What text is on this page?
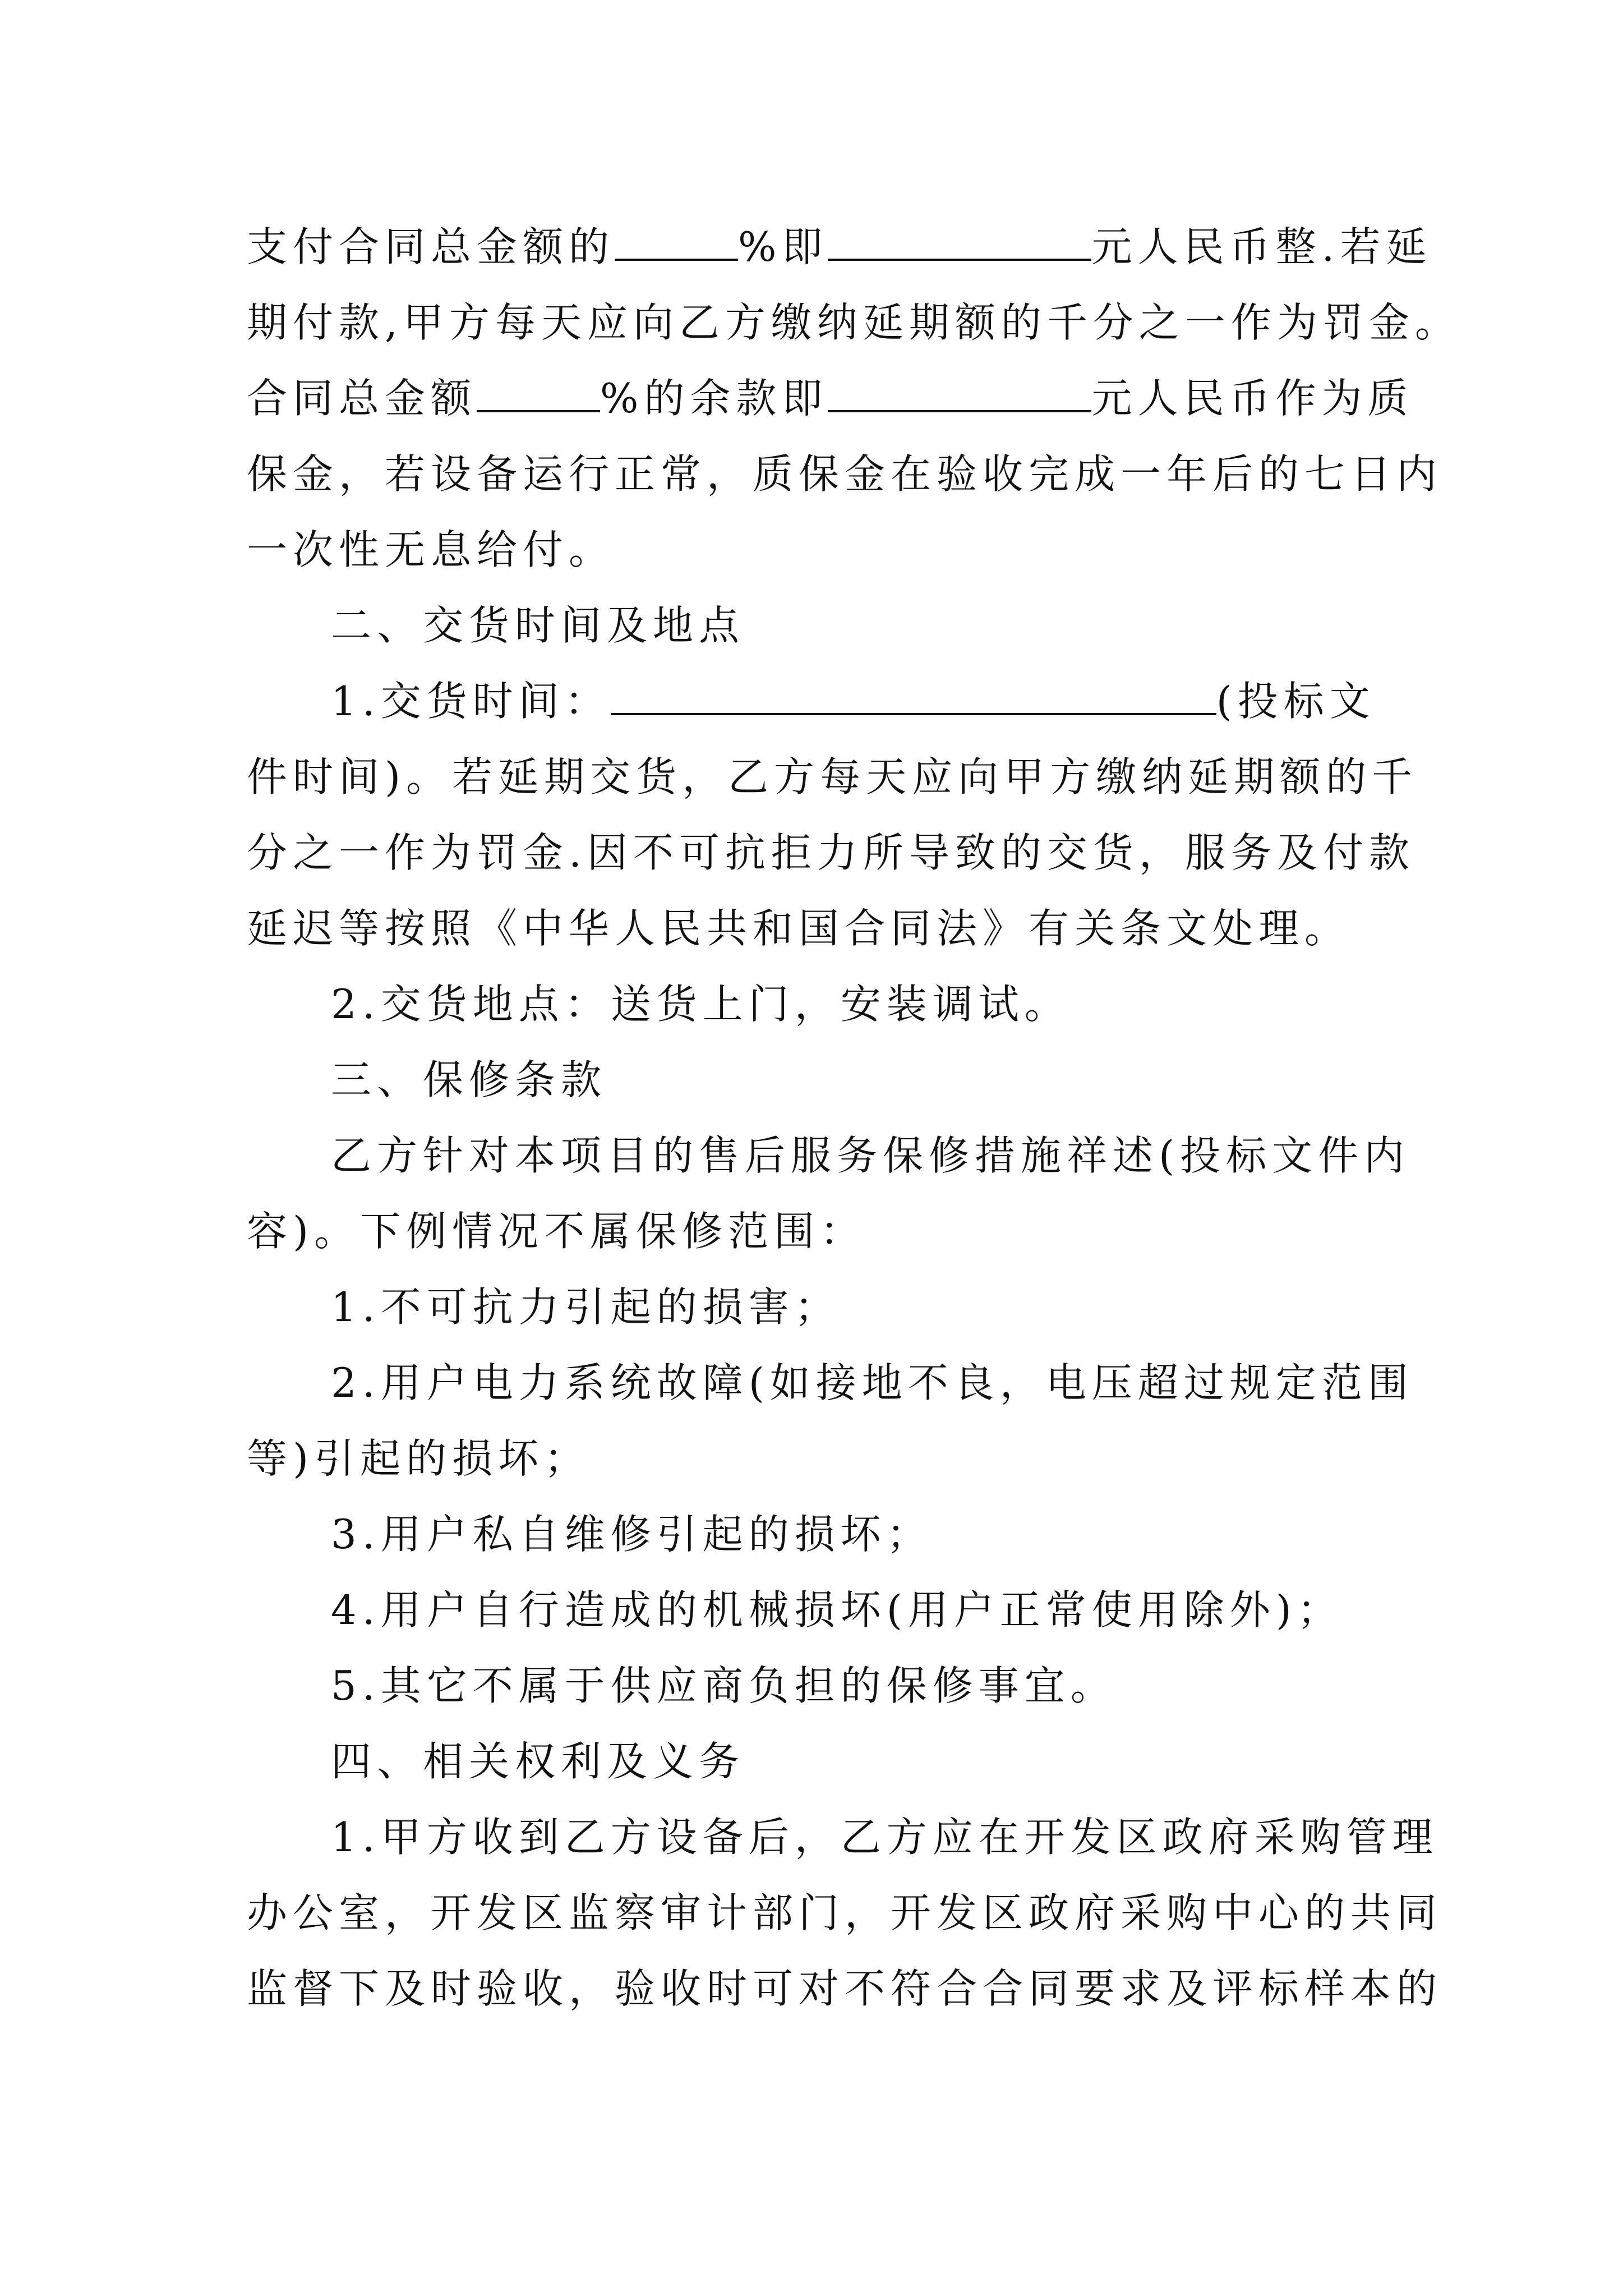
支付合同总金额的	%即	元人民币整.若延
期付款,甲方每天应向乙方缴纳延期额的千分之一作为罚金。
合同总金额	%的余款即	元人民币作为质
保金，若设备运行正常，质保金在验收完成一年后的七日内
一次性无息给付。
二、交货时间及地点
1.交货时间：	(投标文
件时间)。若延期交货，乙方每天应向甲方缴纳延期额的千
分之一作为罚金.因不可抗拒力所导致的交货，服务及付款
延迟等按照《中华人民共和国合同法》有关条文处理。
2.交货地点：送货上门，安装调试。
三、保修条款
乙方针对本项目的售后服务保修措施祥述(投标文件内
容)。下例情况不属保修范围：
1.不可抗力引起的损害；
2.用户电力系统故障(如接地不良，电压超过规定范围
等)引起的损坏；
3.用户私自维修引起的损坏；
4.用户自行造成的机械损坏(用户正常使用除外)；
5.其它不属于供应商负担的保修事宜。
四、相关权利及义务
1.甲方收到乙方设备后，乙方应在开发区政府采购管理
办公室，开发区监察审计部门，开发区政府采购中心的共同
监督下及时验收，验收时可对不符合合同要求及评标样本的
